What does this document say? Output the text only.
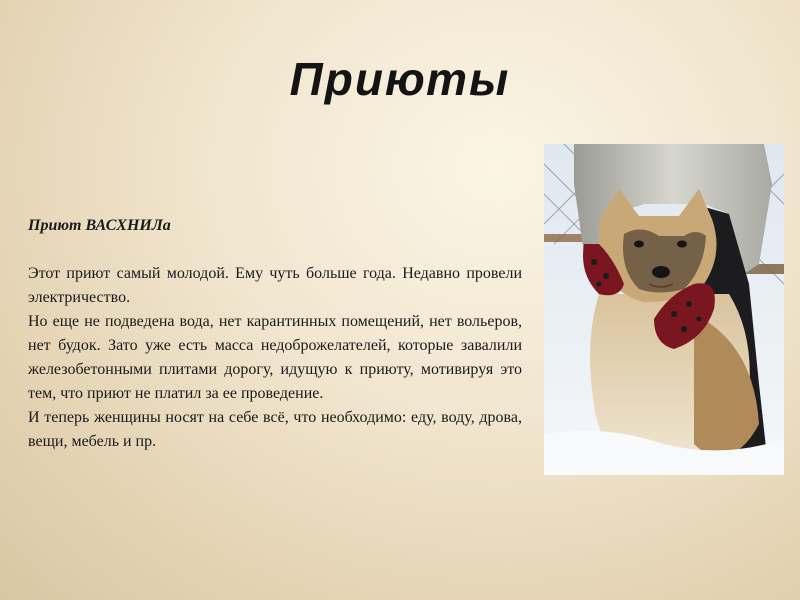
Приюты

Приют ВАСХНИЛа

Этот приют самый молодой. Ему чуть больше года. Недавно провели электричество.

Но еще не подведена вода, нет карантинных помещений, нет вольеров, нет будок. Зато уже есть масса недоброжелателей, которые завалили железобетонными плитами дорогу, идущую к приюту, мотивируя это тем, что приют не платил за ее проведение.

И теперь женщины носят на себе всё, что необходимо: еду, воду, дрова, вещи, мебель и пр.
